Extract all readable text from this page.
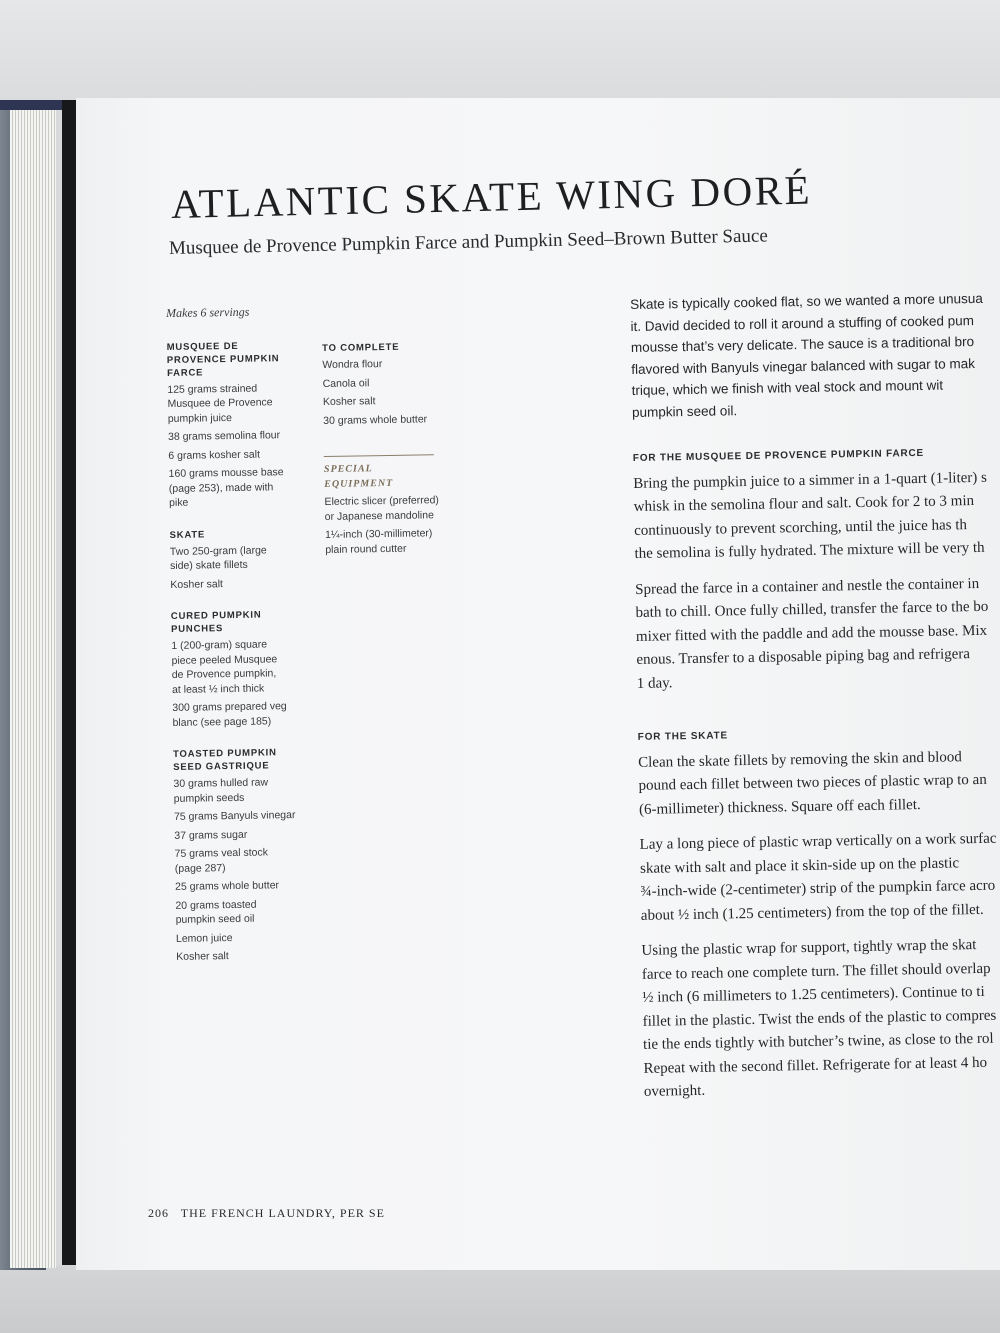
ATLANTIC SKATE WING DORÉ
Musquee de Provence Pumpkin Farce and Pumpkin Seed–Brown Butter Sauce
Makes 6 servings
MUSQUEE DE
PROVENCE PUMPKIN
FARCE
125 grams strained
Musquee de Provence
pumpkin juice
38 grams semolina flour
6 grams kosher salt
160 grams mousse base
(page 253), made with
pike
SKATE
Two 250-gram (large
side) skate fillets
Kosher salt
CURED PUMPKIN
PUNCHES
1 (200-gram) square
piece peeled Musquee
de Provence pumpkin,
at least ½ inch thick
300 grams prepared veg
blanc (see page 185)
TOASTED PUMPKIN
SEED GASTRIQUE
30 grams hulled raw
pumpkin seeds
75 grams Banyuls vinegar
37 grams sugar
75 grams veal stock
(page 287)
25 grams whole butter
20 grams toasted
pumpkin seed oil
Lemon juice
Kosher salt
TO COMPLETE
Wondra flour
Canola oil
Kosher salt
30 grams whole butter
SPECIAL EQUIPMENT
Electric slicer (preferred)
or Japanese mandoline
1¼-inch (30-millimeter)
plain round cutter
Skate is typically cooked flat, so we wanted a more unusua
it. David decided to roll it around a stuffing of cooked pum
mousse that’s very delicate. The sauce is a traditional bro
flavored with Banyuls vinegar balanced with sugar to mak
trique, which we finish with veal stock and mount wit
pumpkin seed oil.
FOR THE MUSQUEE DE PROVENCE PUMPKIN FARCE
Bring the pumpkin juice to a simmer in a 1-quart (1-liter) s
whisk in the semolina flour and salt. Cook for 2 to 3 min
continuously to prevent scorching, until the juice has th
the semolina is fully hydrated. The mixture will be very th
Spread the farce in a container and nestle the container in
bath to chill. Once fully chilled, transfer the farce to the bo
mixer fitted with the paddle and add the mousse base. Mix
enous. Transfer to a disposable piping bag and refrigera
1 day.
FOR THE SKATE
Clean the skate fillets by removing the skin and blood
pound each fillet between two pieces of plastic wrap to an
(6-millimeter) thickness. Square off each fillet.
Lay a long piece of plastic wrap vertically on a work surfac
skate with salt and place it skin-side up on the plastic
¾-inch-wide (2-centimeter) strip of the pumpkin farce acro
about ½ inch (1.25 centimeters) from the top of the fillet.
Using the plastic wrap for support, tightly wrap the skat
farce to reach one complete turn. The fillet should overlap
½ inch (6 millimeters to 1.25 centimeters). Continue to ti
fillet in the plastic. Twist the ends of the plastic to compres
tie the ends tightly with butcher’s twine, as close to the rol
Repeat with the second fillet. Refrigerate for at least 4 ho
overnight.
206 THE FRENCH LAUNDRY, PER SE
